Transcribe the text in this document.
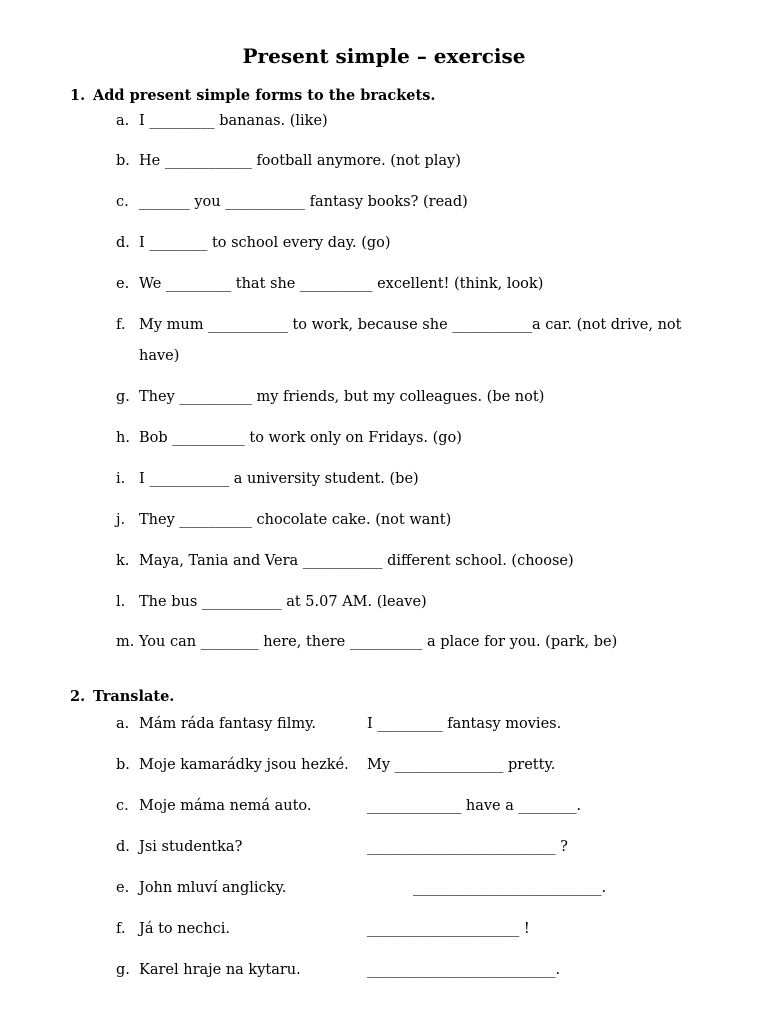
Present simple – exercise
1. Add present simple forms to the brackets.
a. I _________ bananas. (like)
b. He ____________ football anymore. (not play)
c. _______ you ___________ fantasy books? (read)
d. I ________ to school every day. (go)
e. We _________ that she __________ excellent! (think, look)
f. My mum ___________ to work, because she ___________a car. (not drive, not
have)
g. They __________ my friends, but my colleagues. (be not)
h. Bob __________ to work only on Fridays. (go)
i. I ___________ a university student. (be)
j. They __________ chocolate cake. (not want)
k. Maya, Tania and Vera ___________ different school. (choose)
l. The bus ___________ at 5.07 AM. (leave)
m. You can ________ here, there __________ a place for you. (park, be)
2. Translate.
a. Mám ráda fantasy filmy.	I _________ fantasy movies.
b. Moje kamarádky jsou hezké. My _______________ pretty.
c. Moje máma nemá auto.	_____________ have a ________.
d. Jsi studentka?	__________________________ ?
e. John mluví anglicky.	__________________________.
f. Já to nechci.	_____________________ !
g. Karel hraje na kytaru.	__________________________.
